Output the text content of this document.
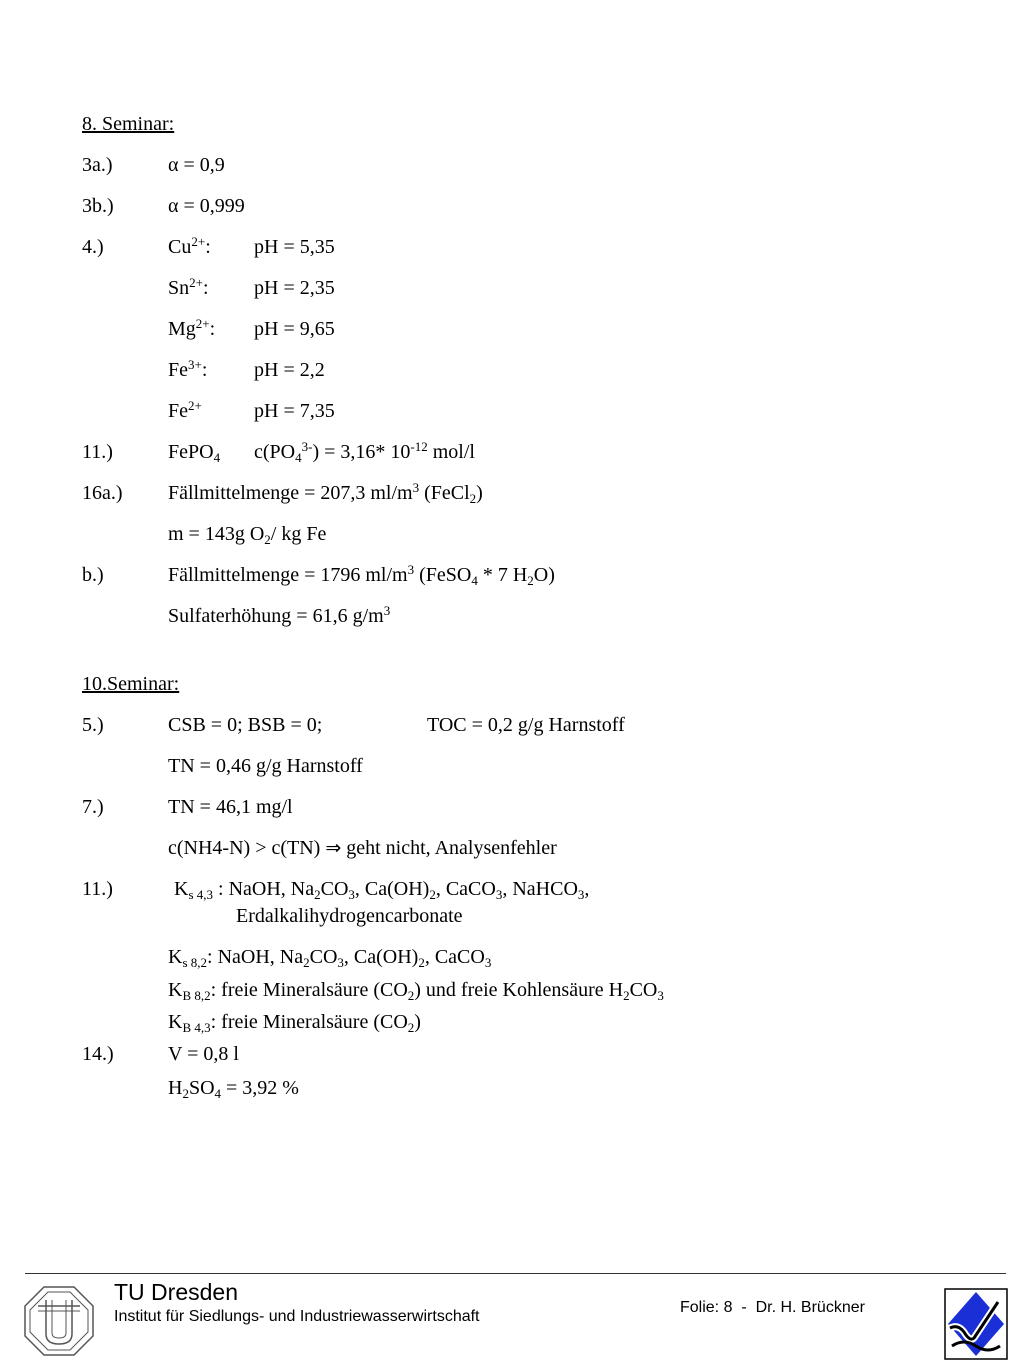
8. Seminar:
3a.)	α = 0,9
3b.)	α = 0,999
4.)	$Cu^{2+}$: pH = 5,35
$Sn^{2+}$: pH = 2,35
$Mg^{2+}$: pH = 9,65
$Fe^{3+}$: pH = 2,2
$Fe^{2+}$	pH = 7,35
11.)	FePO$_4$ $c(PO_4^{3-}) = 3,16*$ $10^{-12}$ mol/l
16a.) Fällmittelmenge = 207,3 $ml/m^3$ (FeCl$_2$)
m = 143g $O_2/$ kg Fe
b.)	Fällmittelmenge = 1796 $ml/m^3$ (FeSO$_4$ * 7 $H_2O$)
Sulfaterhöhung = 61,6 $g/m^3$
10.Seminar:
5.)	CSB = 0; BSB = 0;	TOC = 0,2 g/g Harnstoff
TN = 0,46 g/g Harnstoff
7.)	TN = 46,1 mg/l
c(NH4-N) > c(TN) ⇒ geht nicht, Analysenfehler
11.)	$K_{s 4,3}$ : NaOH, $Na_2CO_3$, $Ca(OH)_2$, CaCO$_3$, NaHCO$_3$,
Erdalkalihydrogencarbonate
$K_{s 8,2}$: NaOH, $Na_2CO_3$, $Ca(OH)_2$, CaCO$_3$
$K_{B 8,2}$: freie Mineralsäure $(CO_2)$ und freie Kohlensäure $H_2CO_3$
$K_{B 4,3}$: freie Mineralsäure $(CO_2)$
14.)	V = 0,8 l
$H_2SO_4 = 3,92$ %
TU Dresden
Institut für Siedlungs- und Industriewasserwirtschaft
Folie: 8  -  Dr. H. Brückner
